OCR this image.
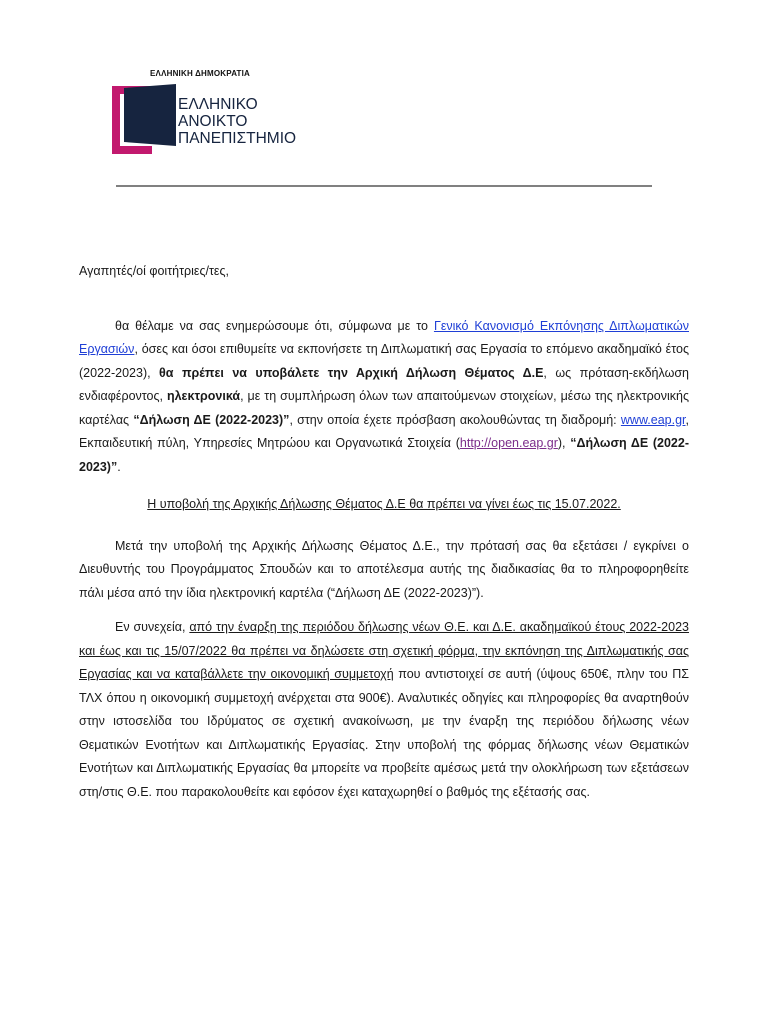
ΕΛΛΗΝΙΚΗ ΔΗΜΟΚΡΑΤΙΑ
ΕΛΛΗΝΙΚΟ
ΑΝΟΙΚΤΟ
ΠΑΝΕΠΙΣΤΗΜΙΟ

Αγαπητές/οί φοιτήτριες/τες,

θα θέλαμε να σας ενημερώσουμε ότι, σύμφωνα με το Γενικό Κανονισμό Εκπόνησης Διπλωματικών Εργασιών, όσες και όσοι επιθυμείτε να εκπονήσετε τη Διπλωματική σας Εργασία το επόμενο ακαδημαϊκό έτος (2022-2023), θα πρέπει να υποβάλετε την Αρχική Δήλωση Θέματος Δ.Ε, ως πρόταση-εκδήλωση ενδιαφέροντος, ηλεκτρονικά, με τη συμπλήρωση όλων των απαιτούμενων στοιχείων, μέσω της ηλεκτρονικής καρτέλας “Δήλωση ΔΕ (2022-2023)”, στην οποία έχετε πρόσβαση ακολουθώντας τη διαδρομή: www.eap.gr, Εκπαιδευτική πύλη, Υπηρεσίες Μητρώου και Οργανωτικά Στοιχεία (http://open.eap.gr), “Δήλωση ΔΕ (2022-2023)”.

Η υποβολή της Αρχικής Δήλωσης Θέματος Δ.Ε θα πρέπει να γίνει έως τις 15.07.2022.

Μετά την υποβολή της Αρχικής Δήλωσης Θέματος Δ.Ε., την πρότασή σας θα εξετάσει / εγκρίνει ο Διευθυντής του Προγράμματος Σπουδών και το αποτέλεσμα αυτής της διαδικασίας θα το πληροφορηθείτε πάλι μέσα από την ίδια ηλεκτρονική καρτέλα (“Δήλωση ΔΕ (2022-2023)”).

Εν συνεχεία, από την έναρξη της περιόδου δήλωσης νέων Θ.Ε. και Δ.Ε. ακαδημαϊκού έτους 2022-2023 και έως και τις 15/07/2022 θα πρέπει να δηλώσετε στη σχετική φόρμα, την εκπόνηση της Διπλωματικής σας Εργασίας και να καταβάλλετε την οικονομική συμμετοχή που αντιστοιχεί σε αυτή (ύψους 650€, πλην του ΠΣ ΤΛΧ όπου η οικονομική συμμετοχή ανέρχεται στα 900€). Αναλυτικές οδηγίες και πληροφορίες θα αναρτηθούν στην ιστοσελίδα του Ιδρύματος σε σχετική ανακοίνωση, με την έναρξη της περιόδου δήλωσης νέων Θεματικών Ενοτήτων και Διπλωματικής Εργασίας. Στην υποβολή της φόρμας δήλωσης νέων Θεματικών Ενοτήτων και Διπλωματικής Εργασίας θα μπορείτε να προβείτε αμέσως μετά την ολοκλήρωση των εξετάσεων στη/στις Θ.Ε. που παρακολουθείτε και εφόσον έχει καταχωρηθεί ο βαθμός της εξέτασής σας.
